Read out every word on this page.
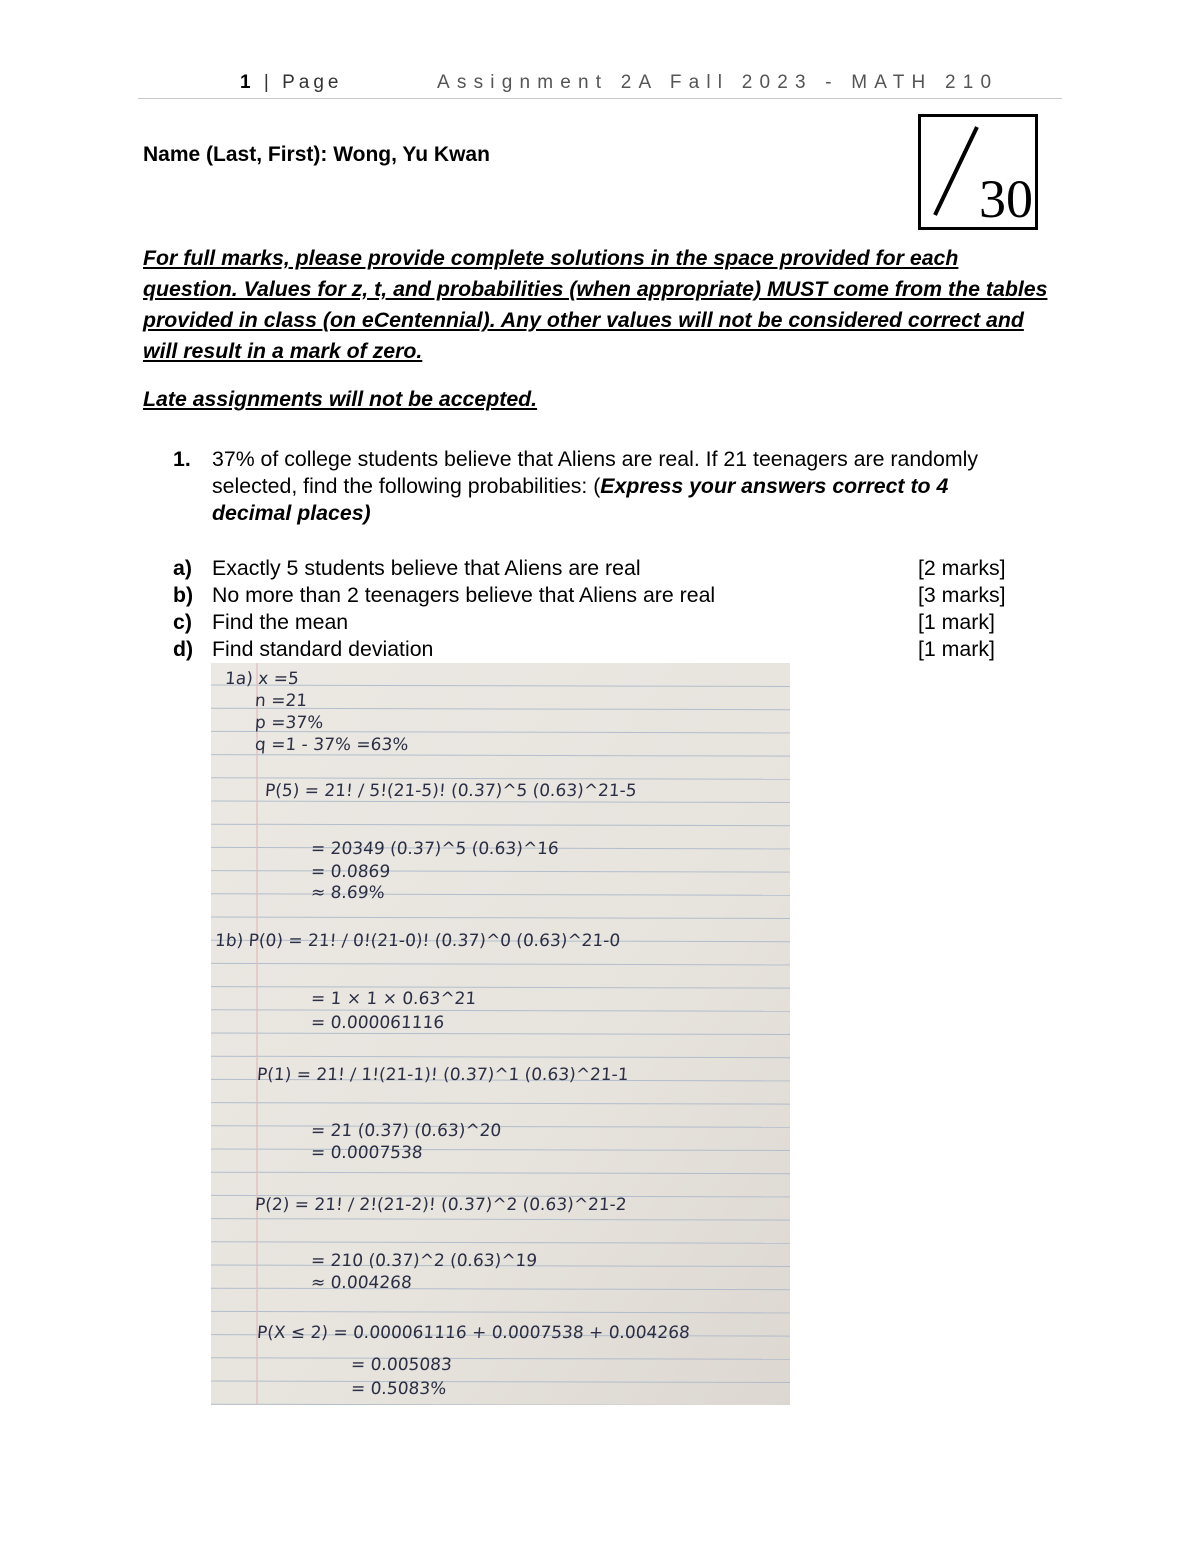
1 | Page	Assignment 2A Fall 2023 - MATH 210
Name (Last, First): Wong, Yu Kwan
30
For full marks, please provide complete solutions in the space provided for each question. Values for z, t, and probabilities (when appropriate) MUST come from the tables provided in class (on eCentennial). Any other values will not be considered correct and will result in a mark of zero.
Late assignments will not be accepted.
1. 37% of college students believe that Aliens are real. If 21 teenagers are randomly selected, find the following probabilities: (Express your answers correct to 4 decimal places)
a) Exactly 5 students believe that Aliens are real	[2 marks]
b) No more than 2 teenagers believe that Aliens are real	[3 marks]
c) Find the mean	[1 mark]
d) Find standard deviation	[1 mark]
1a) x =5
n =21
p =37%
q =1 - 37% =63%
P(5) = 21! / 5!(21-5)! (0.37)^5 (0.63)^21-5
= 20349 (0.37)^5 (0.63)^16
= 0.0869
≈ 8.69%
1b) P(0) = 21! / 0!(21-0)! (0.37)^0 (0.63)^21-0
= 1 × 1 × 0.63^21
= 0.000061116
P(1) = 21! / 1!(21-1)! (0.37)^1 (0.63)^21-1
= 21 (0.37) (0.63)^20
= 0.0007538
P(2) = 21! / 2!(21-2)! (0.37)^2 (0.63)^21-2
= 210 (0.37)^2 (0.63)^19
≈ 0.004268
P(X ≤ 2) = 0.000061116 + 0.0007538 + 0.004268
= 0.005083
= 0.5083%
